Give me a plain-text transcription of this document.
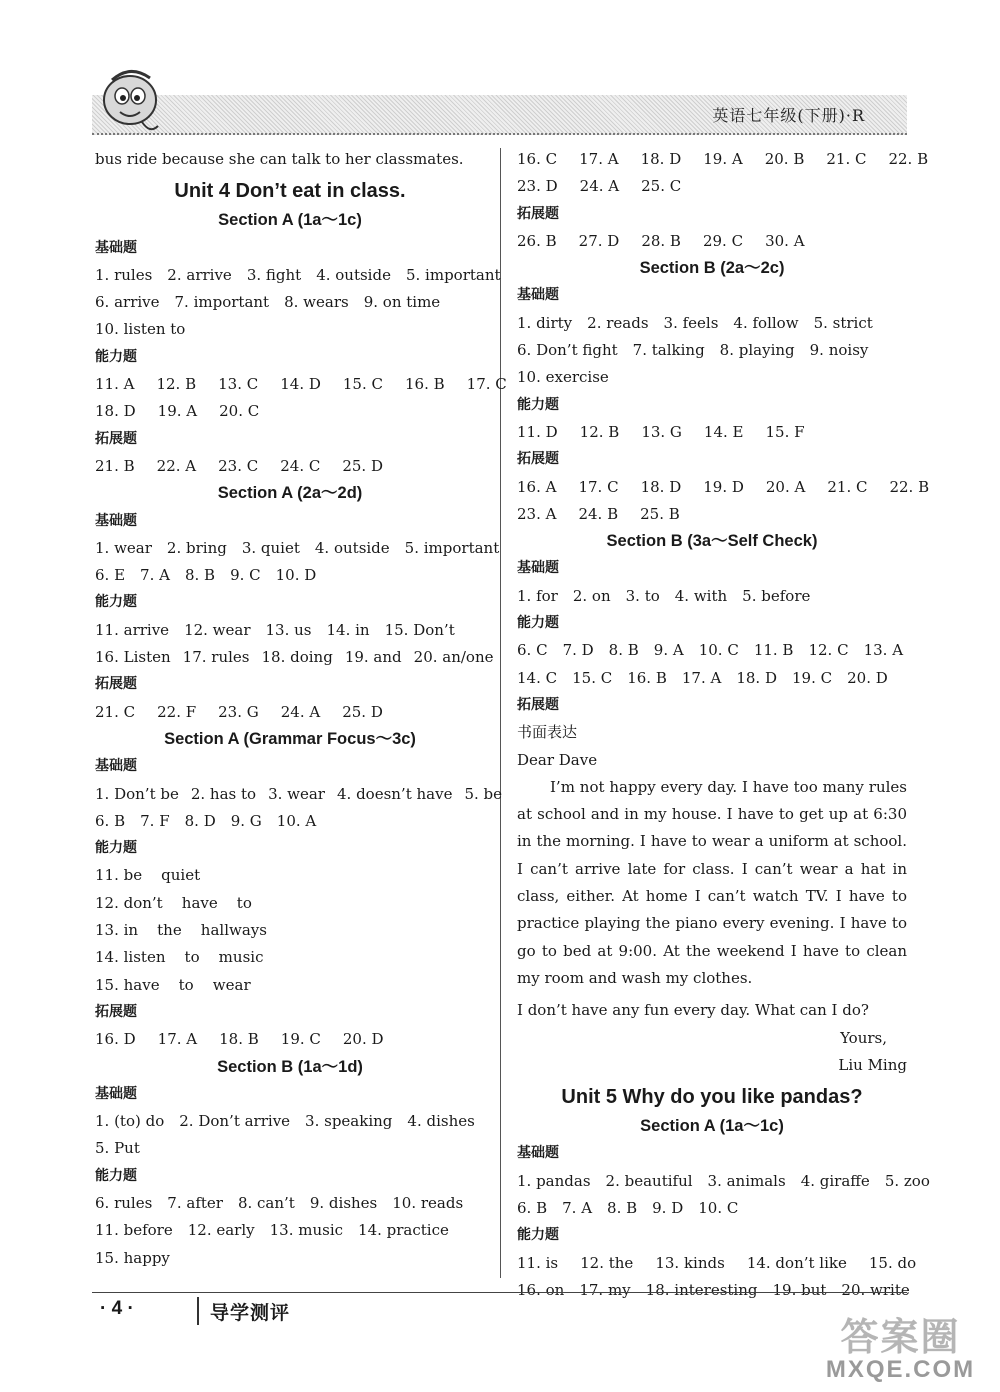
英语七年级(下册)·R
bus ride because she can talk to her classmates.
Unit 4 Don’t eat in class.
Section A (1a～1c)
基础题
1. rules 2. arrive 3. fight 4. outside 5. important
6. arrive 7. important 8. wears 9. on time
10. listen to
能力题
11. A 12. B 13. C 14. D 15. C 16. B 17. C
18. D 19. A 20. C
拓展题
21. B 22. A 23. C 24. C 25. D
Section A (2a～2d)
基础题
1. wear 2. bring 3. quiet 4. outside 5. important
6. E 7. A 8. B 9. C 10. D
能力题
11. arrive 12. wear 13. us 14. in 15. Don’t
16. Listen 17. rules 18. doing 19. and 20. an/one
拓展题
21. C 22. F 23. G 24. A 25. D
Section A (Grammar Focus～3c)
基础题
1. Don’t be 2. has to 3. wear 4. doesn’t have 5. be
6. B 7. F 8. D 9. G 10. A
能力题
11. be    quiet
12. don’t    have    to
13. in    the    hallways
14. listen    to    music
15. have    to    wear
拓展题
16. D 17. A 18. B 19. C 20. D
Section B (1a～1d)
基础题
1. (to) do 2. Don’t arrive 3. speaking 4. dishes
5. Put
能力题
6. rules 7. after 8. can’t 9. dishes 10. reads
11. before 12. early 13. music 14. practice
15. happy
16. C 17. A 18. D 19. A 20. B 21. C 22. B
23. D 24. A 25. C
拓展题
26. B 27. D 28. B 29. C 30. A
Section B (2a～2c)
基础题
1. dirty 2. reads 3. feels 4. follow 5. strict
6. Don’t fight 7. talking 8. playing 9. noisy
10. exercise
能力题
11. D 12. B 13. G 14. E 15. F
拓展题
16. A 17. C 18. D 19. D 20. A 21. C 22. B
23. A 24. B 25. B
Section B (3a～Self Check)
基础题
1. for 2. on 3. to 4. with 5. before
能力题
6. C 7. D 8. B 9. A 10. C 11. B 12. C 13. A
14. C 15. C 16. B 17. A 18. D 19. C 20. D
拓展题
书面表达
Dear Dave

I’m not happy every day. I have too many rules at school and in my house. I have to get up at 6:30 in the morning. I have to wear a uniform at school. I can’t arrive late for class. I can’t wear a hat in class, either. At home I can’t watch TV. I have to practice playing the piano every evening. I have to go to bed at 9:00. At the weekend I have to clean my room and wash my clothes.

I don’t have any fun every day. What can I do?
Yours,
Liu Ming
Unit 5 Why do you like pandas?
Section A (1a～1c)
基础题
1. pandas 2. beautiful 3. animals 4. giraffe 5. zoo
6. B 7. A 8. B 9. D 10. C
能力题
11. is 12. the 13. kinds 14. don’t like 15. do
16. on 17. my 18. interesting 19. but 20. write
· 4 ·	导学测评
答案圈
MXQE.COM
